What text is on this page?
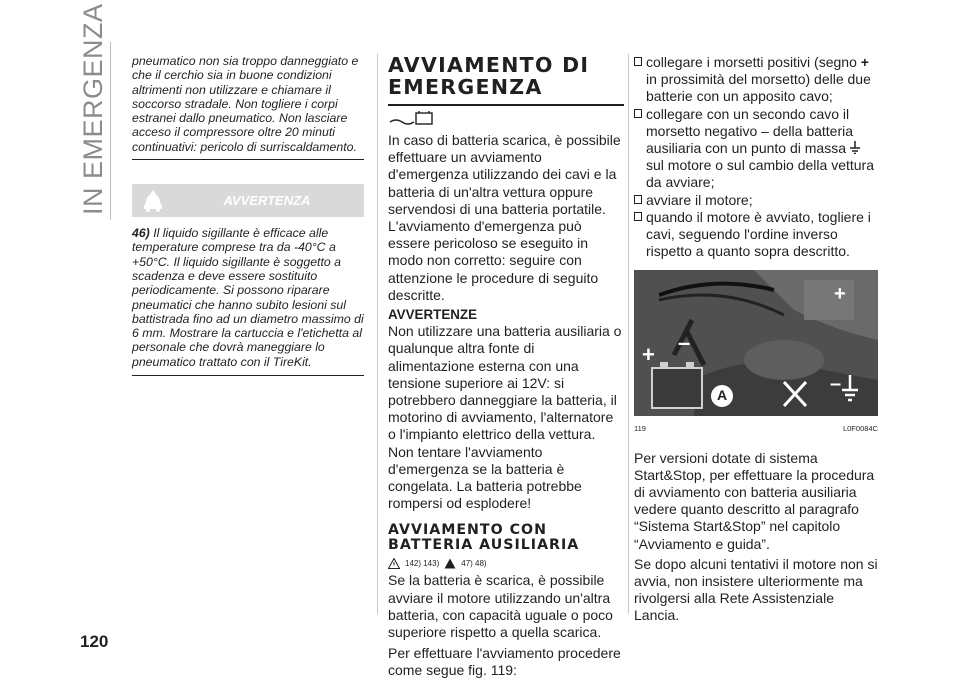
IN EMERGENZA
120

pneumatico non sia troppo danneggiato e che il cerchio sia in buone condizioni altrimenti non utilizzare e chiamare il soccorso stradale. Non togliere i corpi estranei dallo pneumatico. Non lasciare acceso il compressore oltre 20 minuti continuativi: pericolo di surriscaldamento.

AVVERTENZA
46) Il liquido sigillante è efficace alle temperature comprese tra da -40°C a +50°C. Il liquido sigillante è soggetto a scadenza e deve essere sostituito periodicamente. Si possono riparare pneumatici che hanno subito lesioni sul battistrada fino ad un diametro massimo di 6 mm. Mostrare la cartuccia e l'etichetta al personale che dovrà maneggiare lo pneumatico trattato con il TireKit.
AVVIAMENTO DI EMERGENZA

In caso di batteria scarica, è possibile effettuare un avviamento d'emergenza utilizzando dei cavi e la batteria di un'altra vettura oppure servendosi di una batteria portatile.

L'avviamento d'emergenza può essere pericoloso se eseguito in modo non corretto: seguire con attenzione le procedure di seguito descritte.

AVVERTENZE

Non utilizzare una batteria ausiliaria o qualunque altra fonte di alimentazione esterna con una tensione superiore ai 12V: si potrebbero danneggiare la batteria, il motorino di avviamento, l'alternatore o l'impianto elettrico della vettura.

Non tentare l'avviamento d'emergenza se la batteria è congelata. La batteria potrebbe rompersi od esplodere!

AVVIAMENTO CON BATTERIA AUSILIARIA
142) 143)	47) 48)

Se la batteria è scarica, è possibile avviare il motore utilizzando un'altra batteria, con capacità uguale o poco superiore rispetto a quella scarica.

Per effettuare l'avviamento procedere come segue fig. 119:

collegare i morsetti positivi (segno + in prossimità del morsetto) delle due batterie con un apposito cavo;
collegare con un secondo cavo il morsetto negativo – della batteria ausiliaria con un punto di massa  sul motore o sul cambio della vettura da avviare;
avviare il motore;
quando il motore è avviato, togliere i cavi, seguendo l'ordine inverso rispetto a quanto sopra descritto.
+ –
+
–
A
119	L0F0084C

Per versioni dotate di sistema Start&Stop, per effettuare la procedura di avviamento con batteria ausiliaria vedere quanto descritto al paragrafo “Sistema Start&Stop” nel capitolo “Avviamento e guida”.

Se dopo alcuni tentativi il motore non si avvia, non insistere ulteriormente ma rivolgersi alla Rete Assistenziale Lancia.
